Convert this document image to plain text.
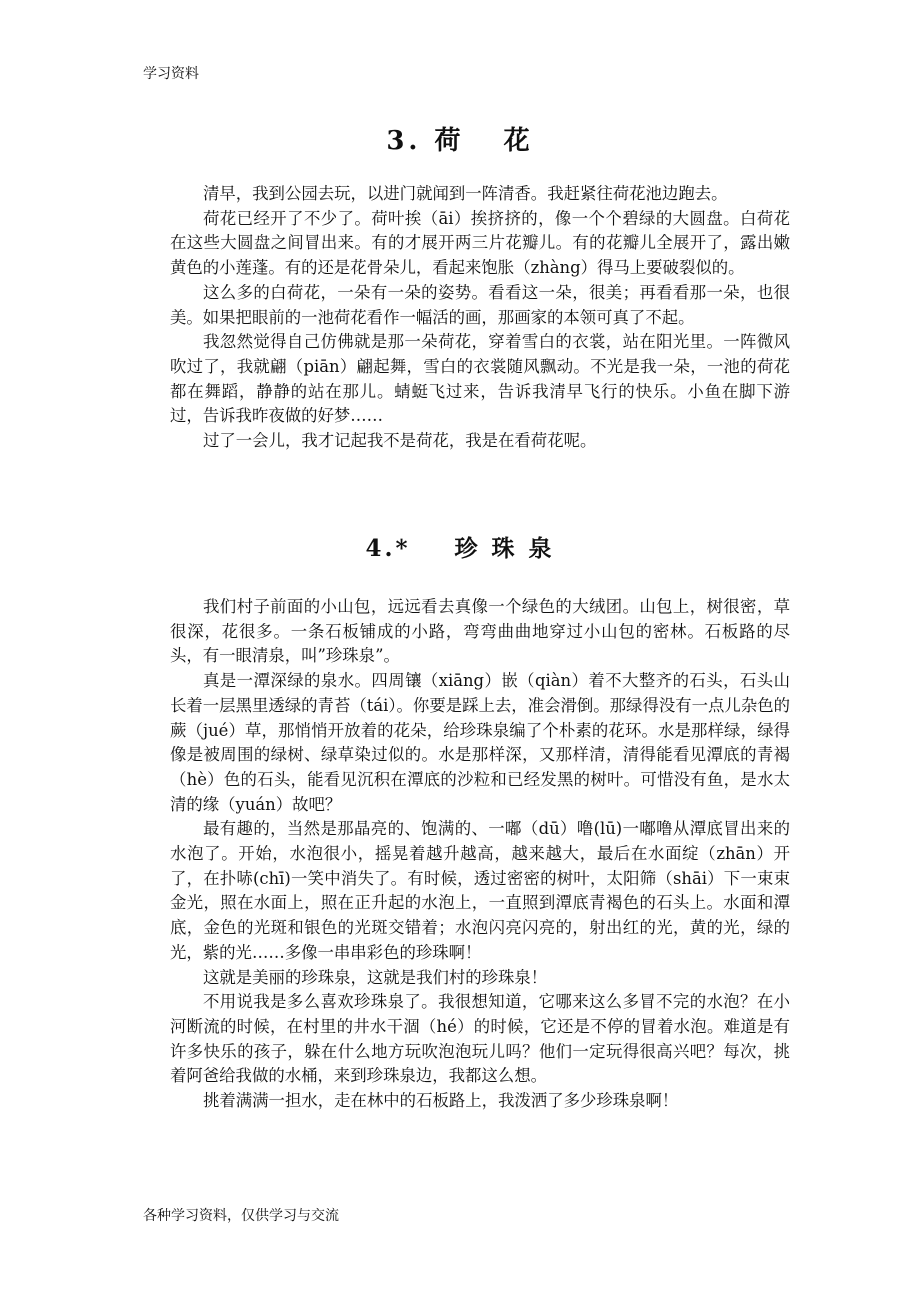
学习资料
3. 荷   花

清早，我到公园去玩，以进门就闻到一阵清香。我赶紧往荷花池边跑去。

荷花已经开了不少了。荷叶挨（āi）挨挤挤的，像一个个碧绿的大圆盘。白荷花在这些大圆盘之间冒出来。有的才展开两三片花瓣儿。有的花瓣儿全展开了，露出嫩黄色的小莲蓬。有的还是花骨朵儿，看起来饱胀（zhàng）得马上要破裂似的。

这么多的白荷花，一朵有一朵的姿势。看看这一朵，很美；再看看那一朵，也很美。如果把眼前的一池荷花看作一幅活的画，那画家的本领可真了不起。

我忽然觉得自己仿佛就是那一朵荷花，穿着雪白的衣裳，站在阳光里。一阵微风吹过了，我就翩（piān）翩起舞，雪白的衣裳随风飘动。不光是我一朵，一池的荷花都在舞蹈，静静的站在那儿。蜻蜓飞过来，告诉我清早飞行的快乐。小鱼在脚下游过，告诉我昨夜做的好梦……

过了一会儿，我才记起我不是荷花，我是在看荷花呢。

4.*    珍 珠 泉

我们村子前面的小山包，远远看去真像一个绿色的大绒团。山包上，树很密，草很深，花很多。一条石板铺成的小路，弯弯曲曲地穿过小山包的密林。石板路的尽头，有一眼清泉，叫”珍珠泉”。

真是一潭深绿的泉水。四周镶（xiāng）嵌（qiàn）着不大整齐的石头，石头山长着一层黑里透绿的青苔（tái）。你要是踩上去，准会滑倒。那绿得没有一点儿杂色的蕨（jué）草，那悄悄开放着的花朵，给珍珠泉编了个朴素的花环。水是那样绿，绿得像是被周围的绿树、绿草染过似的。水是那样深，又那样清，清得能看见潭底的青褐（hè）色的石头，能看见沉积在潭底的沙粒和已经发黑的树叶。可惜没有鱼，是水太清的缘（yuán）故吧？

最有趣的，当然是那晶亮的、饱满的、一嘟（dū）噜(lū)一嘟噜从潭底冒出来的水泡了。开始，水泡很小，摇晃着越升越高，越来越大，最后在水面绽（zhān）开了，在扑哧(chī)一笑中消失了。有时候，透过密密的树叶，太阳筛（shāi）下一束束金光，照在水面上，照在正升起的水泡上，一直照到潭底青褐色的石头上。水面和潭底，金色的光斑和银色的光斑交错着；水泡闪亮闪亮的，射出红的光，黄的光，绿的光，紫的光……多像一串串彩色的珍珠啊！

这就是美丽的珍珠泉，这就是我们村的珍珠泉！

不用说我是多么喜欢珍珠泉了。我很想知道，它哪来这么多冒不完的水泡？在小河断流的时候，在村里的井水干涸（hé）的时候，它还是不停的冒着水泡。难道是有许多快乐的孩子，躲在什么地方玩吹泡泡玩儿吗？他们一定玩得很高兴吧？每次，挑着阿爸给我做的水桶，来到珍珠泉边，我都这么想。

挑着满满一担水，走在林中的石板路上，我泼洒了多少珍珠泉啊！

各种学习资料，仅供学习与交流
